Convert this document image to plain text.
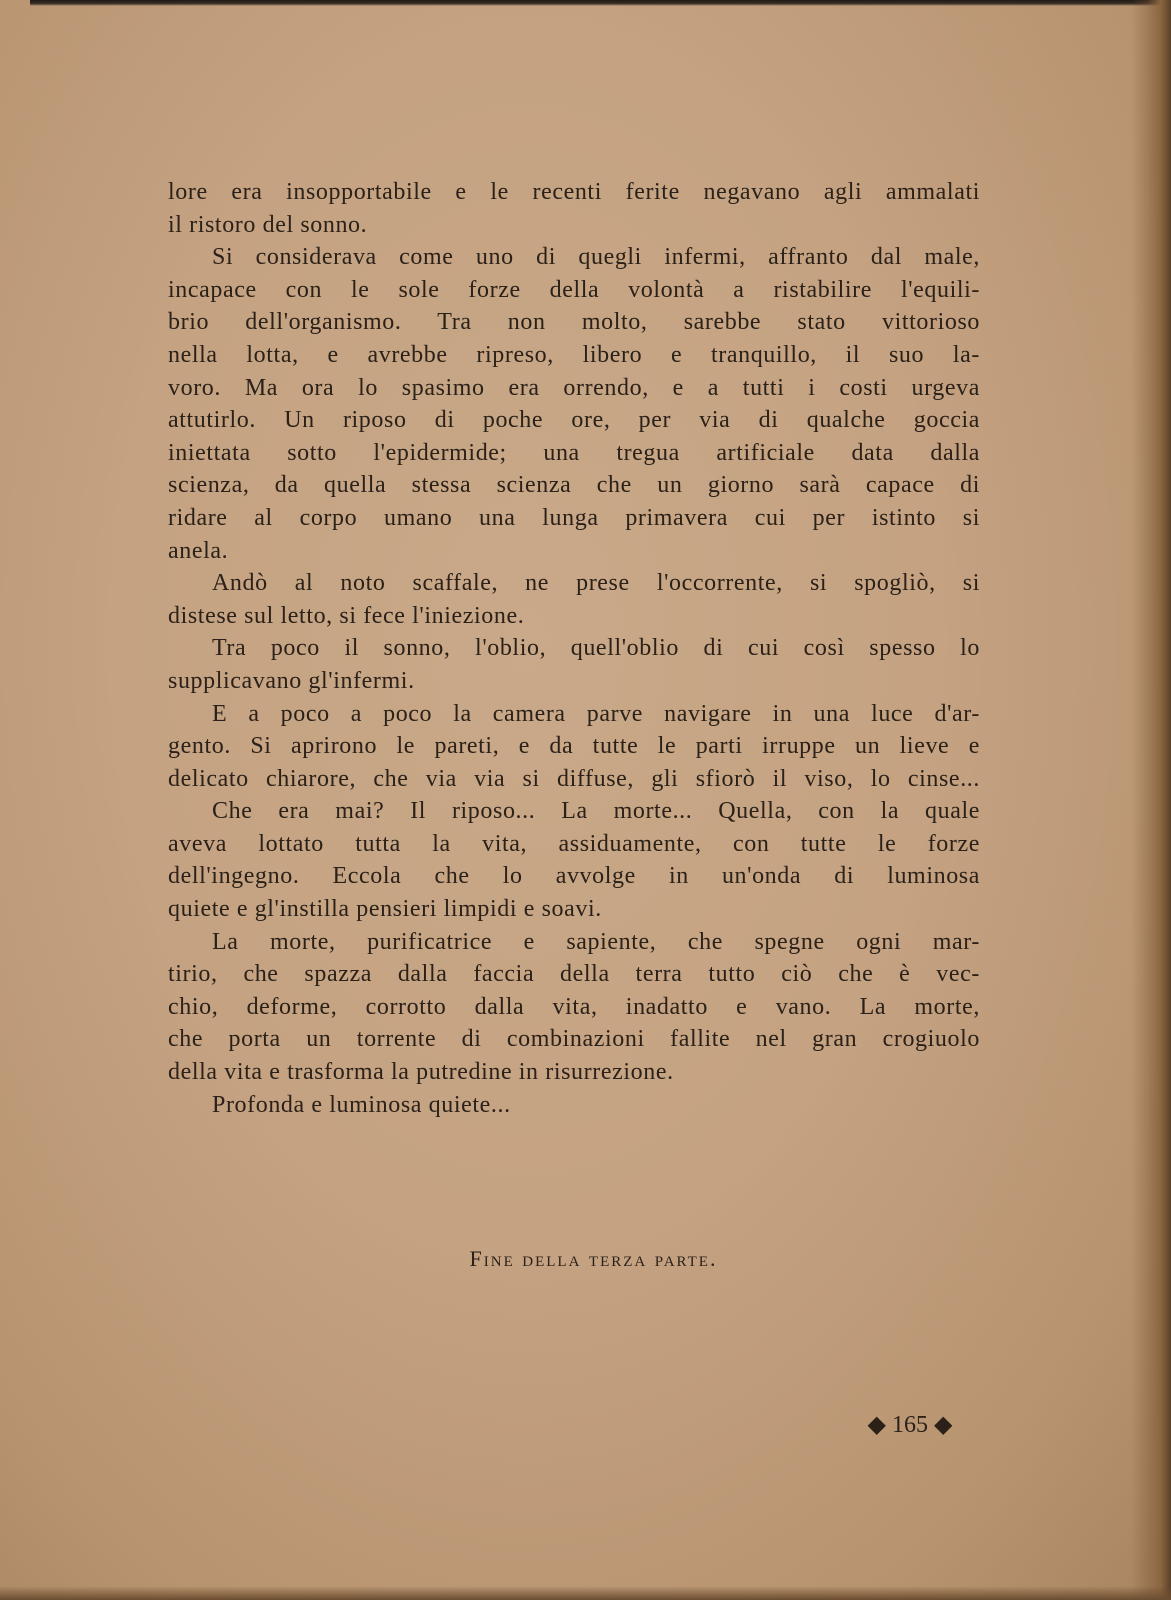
lore era insopportabile e le recenti ferite negavano agli ammalati
il ristoro del sonno.
Si considerava come uno di quegli infermi, affranto dal male,
incapace con le sole forze della volontà a ristabilire l'equili-
brio dell'organismo. Tra non molto, sarebbe stato vittorioso
nella lotta, e avrebbe ripreso, libero e tranquillo, il suo la-
voro. Ma ora lo spasimo era orrendo, e a tutti i costi urgeva
attutirlo. Un riposo di poche ore, per via di qualche goccia
iniettata sotto l'epidermide; una tregua artificiale data dalla
scienza, da quella stessa scienza che un giorno sarà capace di
ridare al corpo umano una lunga primavera cui per istinto si
anela.
Andò al noto scaffale, ne prese l'occorrente, si spogliò, si
distese sul letto, si fece l'iniezione.
Tra poco il sonno, l'oblio, quell'oblio di cui così spesso lo
supplicavano gl'infermi.
E a poco a poco la camera parve navigare in una luce d'ar-
gento. Si aprirono le pareti, e da tutte le parti irruppe un lieve e
delicato chiarore, che via via si diffuse, gli sfiorò il viso, lo cinse...
Che era mai? Il riposo... La morte... Quella, con la quale
aveva lottato tutta la vita, assiduamente, con tutte le forze
dell'ingegno. Eccola che lo avvolge in un'onda di luminosa
quiete e gl'instilla pensieri limpidi e soavi.
La morte, purificatrice e sapiente, che spegne ogni mar-
tirio, che spazza dalla faccia della terra tutto ciò che è vec-
chio, deforme, corrotto dalla vita, inadatto e vano. La morte,
che porta un torrente di combinazioni fallite nel gran crogiuolo
della vita e trasforma la putredine in risurrezione.
Profonda e luminosa quiete...
Fine della terza parte.
◆ 165 ◆
